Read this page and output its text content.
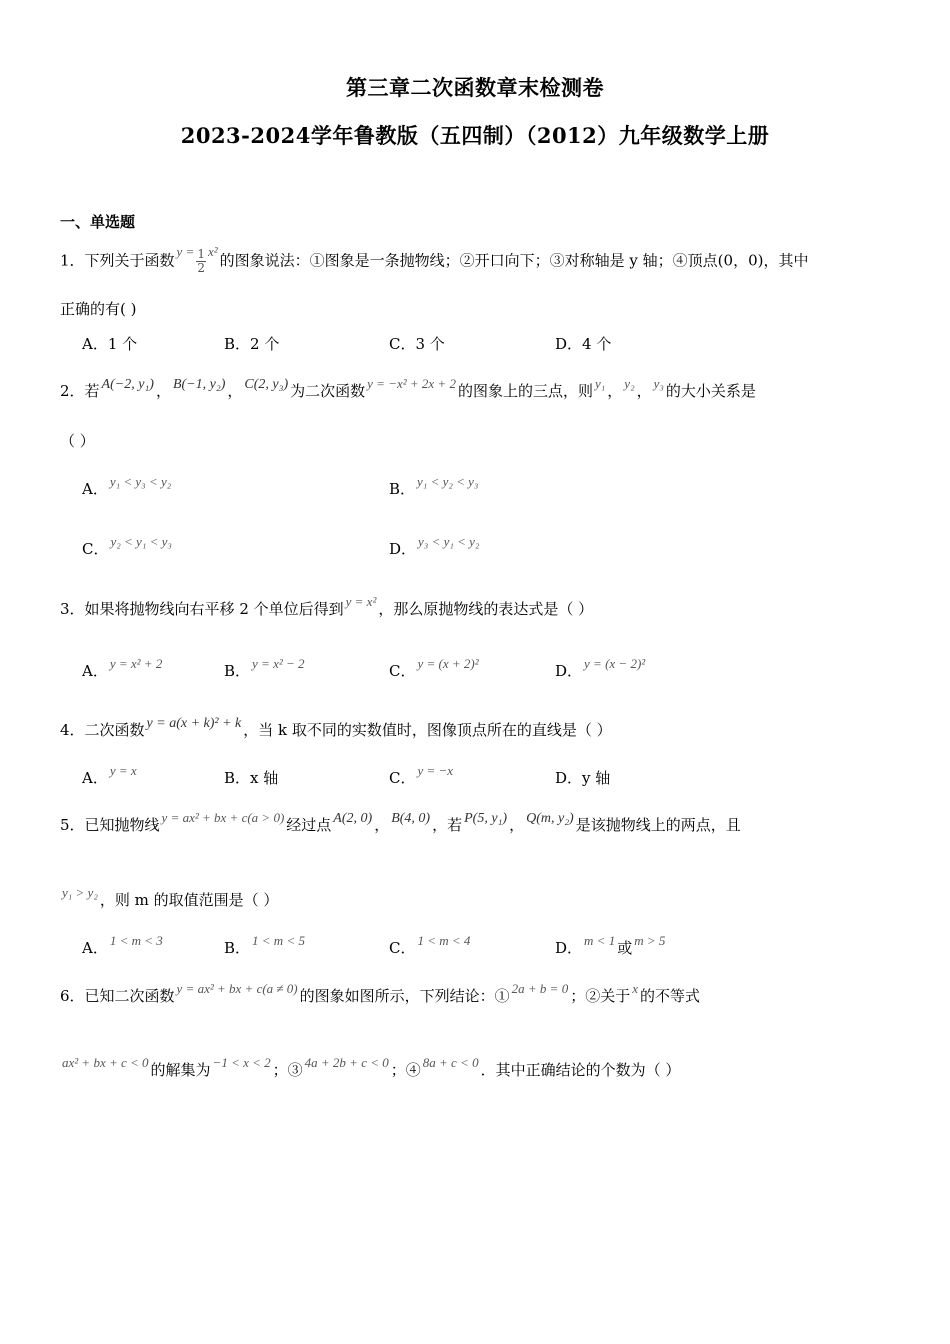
第三章二次函数章末检测卷
2023-2024学年鲁教版（五四制）（2012）九年级数学上册
一、单选题
1．下列关于函数$y = \frac{1}{2} x^2$的图象说法：①图象是一条抛物线；②开口向下；③对称轴是 y 轴；④顶点(0，0)，其中
正确的有( )
A．1 个	B．2 个	C．3 个	D．4 个
2．若 A(−2, y₁) ， B(−1, y₂) ， C(2, y₃) 为二次函数 y = −x² + 2x + 2 的图象上的三点，则 y₁ ， y₂ ， y₃ 的大小关系是
（ ）
A． y₁ < y₃ < y₂	B． y₁ < y₂ < y₃
C． y₂ < y₁ < y₃	D． y₃ < y₁ < y₂
3．如果将抛物线向右平移 2 个单位后得到 y = x² ，那么原抛物线的表达式是（ ）
A． y = x² + 2	B． y = x² − 2	C． y = (x + 2)²	D． y = (x − 2)²
4．二次函数 y = a(x + k)² + k ，当 k 取不同的实数值时，图像顶点所在的直线是（ ）
A． y = x	B．x 轴	C． y = −x	D．y 轴
5．已知抛物线 y = ax² + bx + c(a > 0) 经过点 A(2, 0) ， B(4, 0) ，若 P(5, y₁) ， Q(m, y₂) 是该抛物线上的两点，且
y₁ > y₂ ，则 m 的取值范围是（ ）
A． 1 < m < 3	B． 1 < m < 5	C． 1 < m < 4	D． m < 1 或 m > 5
6．已知二次函数 y = ax² + bx + c(a ≠ 0) 的图象如图所示，下列结论：① 2a + b = 0 ；②关于 x 的不等式
ax² + bx + c < 0 的解集为 −1 < x < 2 ；③ 4a + 2b + c < 0 ；④ 8a + c < 0 ．其中正确结论的个数为（ ）
